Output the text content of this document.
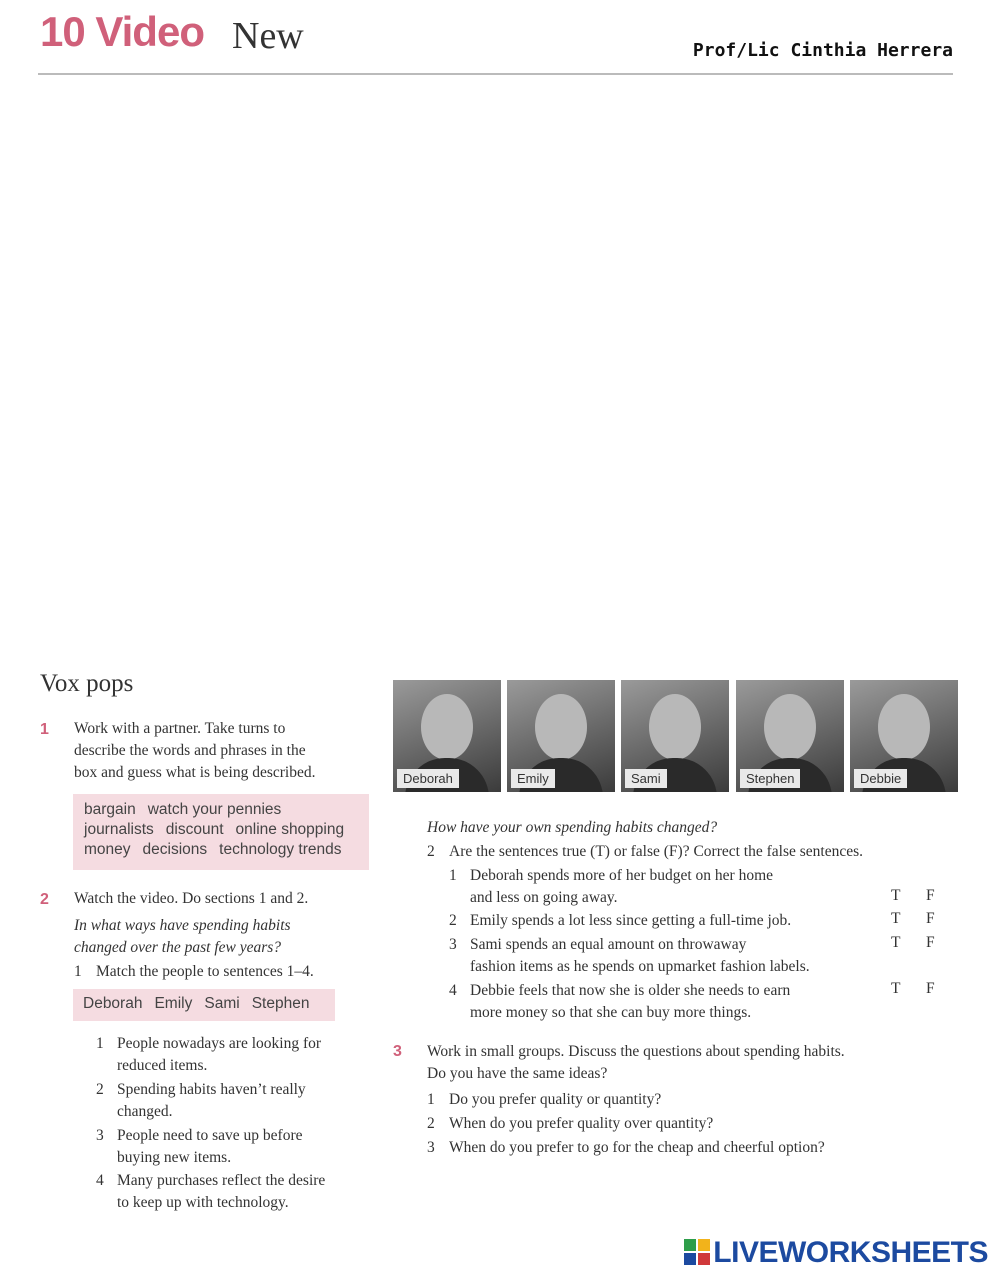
10 Video New	Prof/Lic Cinthia Herrera
Vox pops
1 Work with a partner. Take turns to
describe the words and phrases in the
box and guess what is being described.
bargain watch your pennies
journalists discount online shopping
money decisions technology trends
2 Watch the video. Do sections 1 and 2.
In what ways have spending habits
changed over the past few years?
1 Match the people to sentences 1–4.
Deborah Emily Sami Stephen
1 People nowadays are looking for
reduced items.
2 Spending habits haven’t really
changed.
3 People need to save up before
buying new items.
4 Many purchases reflect the desire
to keep up with technology.
Deborah	Emily	Sami	Stephen	Debbie
How have your own spending habits changed?
2 Are the sentences true (T) or false (F)? Correct the false sentences.
1 Deborah spends more of her budget on her home
and less on going away.	T F
2 Emily spends a lot less since getting a full-time job.	T F
3 Sami spends an equal amount on throwaway
fashion items as he spends on upmarket fashion labels.
T F
4 Debbie feels that now she is older she needs to earn
more money so that she can buy more things.
T F
3 Work in small groups. Discuss the questions about spending habits.
Do you have the same ideas?
1 Do you prefer quality or quantity?
2 When do you prefer quality over quantity?
3 When do you prefer to go for the cheap and cheerful option?
LIVEWORKSHEETS
